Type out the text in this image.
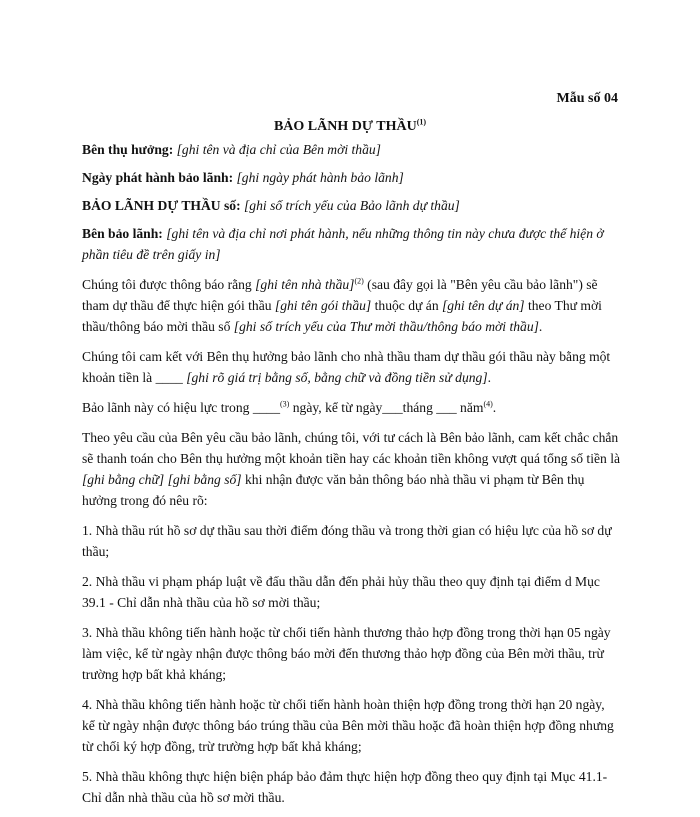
Mẫu số 04
BẢO LÃNH DỰ THẦU$^{(1)}$

Bên thụ hưởng: [ghi tên và địa chỉ của Bên mời thầu]

Ngày phát hành bảo lãnh: [ghi ngày phát hành bảo lãnh]

BẢO LÃNH DỰ THẦU số: [ghi số trích yếu của Bảo lãnh dự thầu]

Bên bảo lãnh: [ghi tên và địa chỉ nơi phát hành, nếu những thông tin này chưa được thể hiện ở phần tiêu đề trên giấy in]

Chúng tôi được thông báo rằng [ghi tên nhà thầu]$^{(2)}$ (sau đây gọi là "Bên yêu cầu bảo lãnh") sẽ tham dự thầu để thực hiện gói thầu [ghi tên gói thầu] thuộc dự án [ghi tên dự án] theo Thư mời thầu/thông báo mời thầu số [ghi số trích yếu của Thư mời thầu/thông báo mời thầu].

Chúng tôi cam kết với Bên thụ hưởng bảo lãnh cho nhà thầu tham dự thầu gói thầu này bằng một khoản tiền là ____ [ghi rõ giá trị bằng số, bằng chữ và đồng tiền sử dụng].

Bảo lãnh này có hiệu lực trong ____$^{(3)}$ ngày, kể từ ngày___tháng ___ năm$^{(4)}$.

Theo yêu cầu của Bên yêu cầu bảo lãnh, chúng tôi, với tư cách là Bên bảo lãnh, cam kết chắc chắn sẽ thanh toán cho Bên thụ hưởng một khoản tiền hay các khoản tiền không vượt quá tổng số tiền là [ghi bằng chữ] [ghi bằng số] khi nhận được văn bản thông báo nhà thầu vi phạm từ Bên thụ hưởng trong đó nêu rõ:

1. Nhà thầu rút hồ sơ dự thầu sau thời điểm đóng thầu và trong thời gian có hiệu lực của hồ sơ dự thầu;

2. Nhà thầu vi phạm pháp luật về đấu thầu dẫn đến phải hủy thầu theo quy định tại điểm d Mục 39.1 - Chỉ dẫn nhà thầu của hồ sơ mời thầu;

3. Nhà thầu không tiến hành hoặc từ chối tiến hành thương thảo hợp đồng trong thời hạn 05 ngày làm việc, kể từ ngày nhận được thông báo mời đến thương thảo hợp đồng của Bên mời thầu, trừ trường hợp bất khả kháng;

4. Nhà thầu không tiến hành hoặc từ chối tiến hành hoàn thiện hợp đồng trong thời hạn 20 ngày, kể từ ngày nhận được thông báo trúng thầu của Bên mời thầu hoặc đã hoàn thiện hợp đồng nhưng từ chối ký hợp đồng, trừ trường hợp bất khả kháng;

5. Nhà thầu không thực hiện biện pháp bảo đảm thực hiện hợp đồng theo quy định tại Mục 41.1- Chỉ dẫn nhà thầu của hồ sơ mời thầu.
